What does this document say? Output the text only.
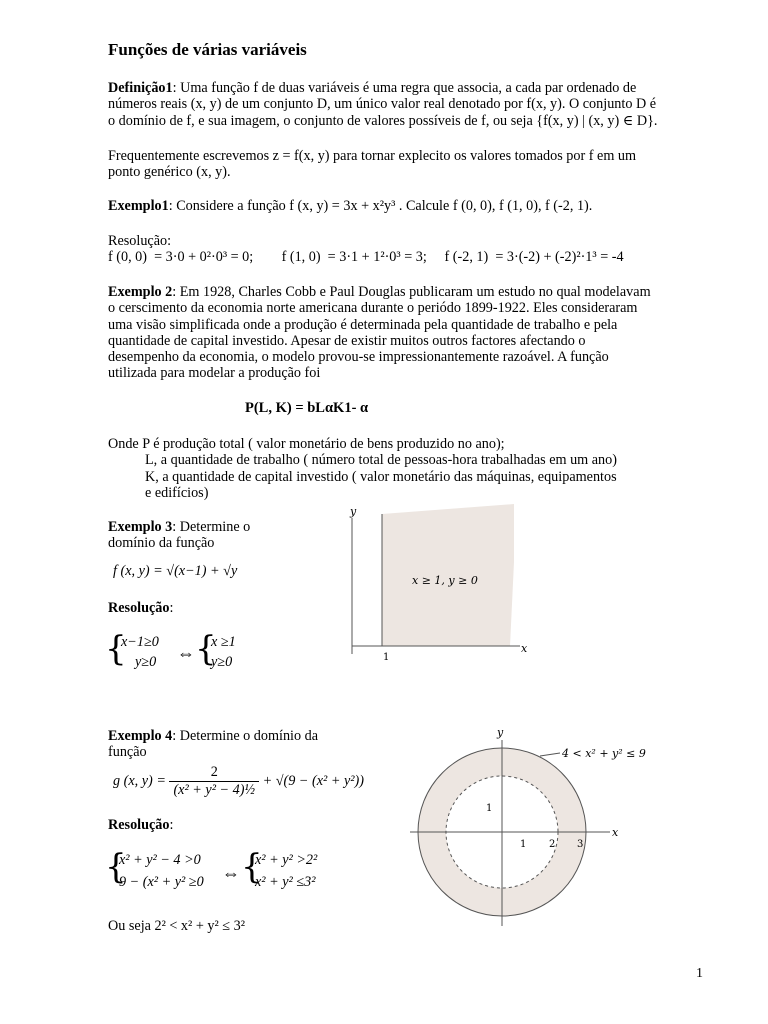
Funções de várias variáveis
Definição1: Uma função f de duas variáveis é uma regra que associa, a cada par ordenado de
números reais (x, y) de um conjunto D, um único valor real denotado por f(x, y). O conjunto D é
o domínio de f, e sua imagem, o conjunto de valores possíveis de f, ou seja {f(x, y) | (x, y) ∈ D}.
Frequentemente escrevemos z = f(x, y) para tornar explecito os valores tomados por f em um
ponto genérico (x, y).
Exemplo1: Considere a função f (x, y) = 3x + x²y³ . Calcule f (0, 0), f (1, 0), f (-2, 1).
Resolução:
f (0, 0)  = 3·0 + 0²·0³ = 0;        f (1, 0)  = 3·1 + 1²·0³ = 3;     f (-2, 1)  = 3·(-2) + (-2)²·1³ = -4
Exemplo 2: Em 1928, Charles Cobb e Paul Douglas publicaram um estudo no qual modelavam
o cerscimento da economia norte americana durante o periódo 1899-1922. Eles consideraram
uma visão simplificada onde a produção é determinada pela quantidade de trabalho e pela
quantidade de capital investido. Apesar de existir muitos outros factores afectando o
desempenho da economia, o modelo provou-se impressionantemente razoável. A função
utilizada para modelar a produção foi
P(L, K) = bLαK1- α
Onde P é produção total ( valor monetário de bens produzido no ano);
L, a quantidade de trabalho ( número total de pessoas-hora trabalhadas em um ano)
K, a quantidade de capital investido ( valor monetário das máquinas, equipamentos
e edifícios)
Exemplo 3: Determine o
domínio da função
f (x, y) = √(x−1) + √y
Resolução:
{
x−1≥0
y≥0 ⇔ {
x ≥1
y≥0
y
x
1
x ≥ 1, y ≥ 0
Exemplo 4: Determine o domínio da
função
g (x, $y) = \frac{2}{\text{(x² + y² − 4)½}} + √(9 - (x^2 + y^2))$
Resolução:
{
x² + y² − 4 >0
9 − (x² + y² ≥0 ⇔ {
x² + y² >2²
x² + y² ≤3²
Ou seja 2² < x² + y² ≤ 3²
y
x
4 < x² + y² ≤ 9
1 2 3
1
1
